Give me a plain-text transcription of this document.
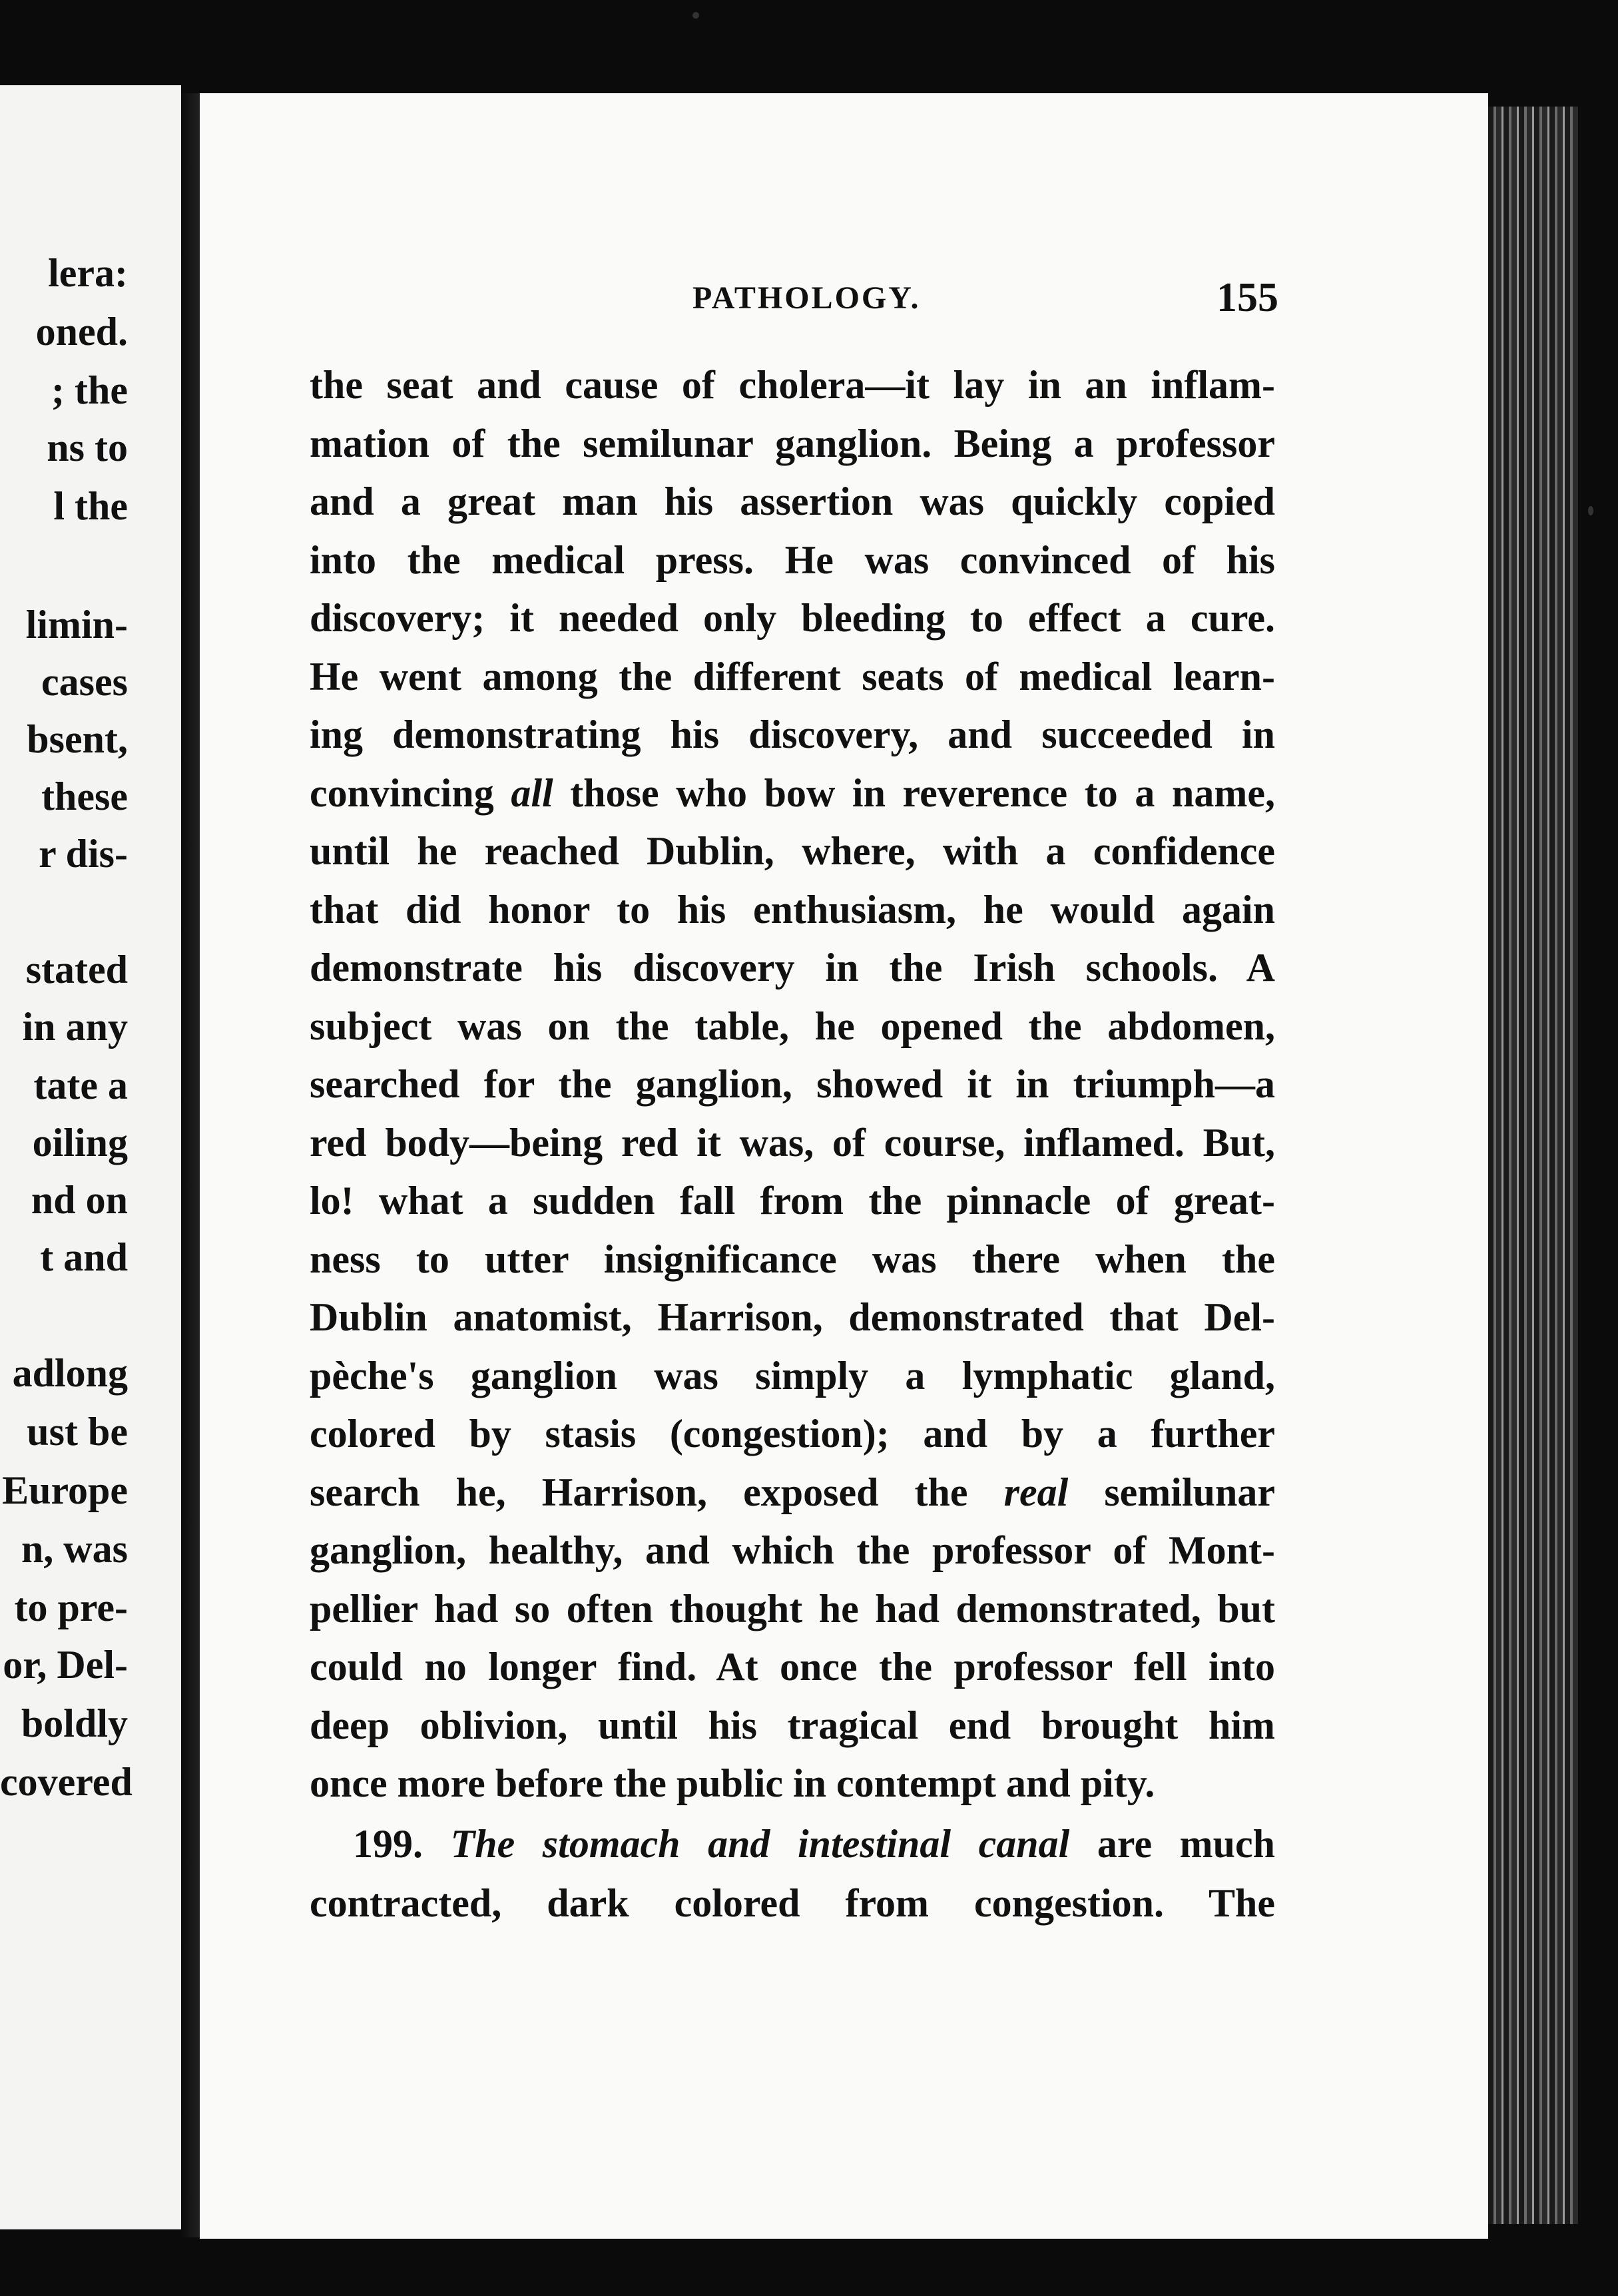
lera:
oned.
; the
ns to
l the
limin-
cases
bsent,
these
r dis-
stated
in any
tate a
oiling
nd on
t and
adlong
ust be
Europe
n, was
to pre-
or, Del-
boldly
covered
PATHOLOGY.	155
the seat and cause of cholera—it lay in an inflam-
mation of the semilunar ganglion. Being a professor
and a great man his assertion was quickly copied
into the medical press. He was convinced of his
discovery; it needed only bleeding to effect a cure.
He went among the different seats of medical learn-
ing demonstrating his discovery, and succeeded in
convincing all those who bow in reverence to a name,
until he reached Dublin, where, with a confidence
that did honor to his enthusiasm, he would again
demonstrate his discovery in the Irish schools. A
subject was on the table, he opened the abdomen,
searched for the ganglion, showed it in triumph—a
red body—being red it was, of course, inflamed. But,
lo! what a sudden fall from the pinnacle of great-
ness to utter insignificance was there when the
Dublin anatomist, Harrison, demonstrated that Del-
pèche's ganglion was simply a lymphatic gland,
colored by stasis (congestion); and by a further
search he, Harrison, exposed the real semilunar
ganglion, healthy, and which the professor of Mont-
pellier had so often thought he had demonstrated, but
could no longer find. At once the professor fell into
deep oblivion, until his tragical end brought him
once more before the public in contempt and pity.
199. The stomach and intestinal canal are much
contracted, dark colored from congestion. The
